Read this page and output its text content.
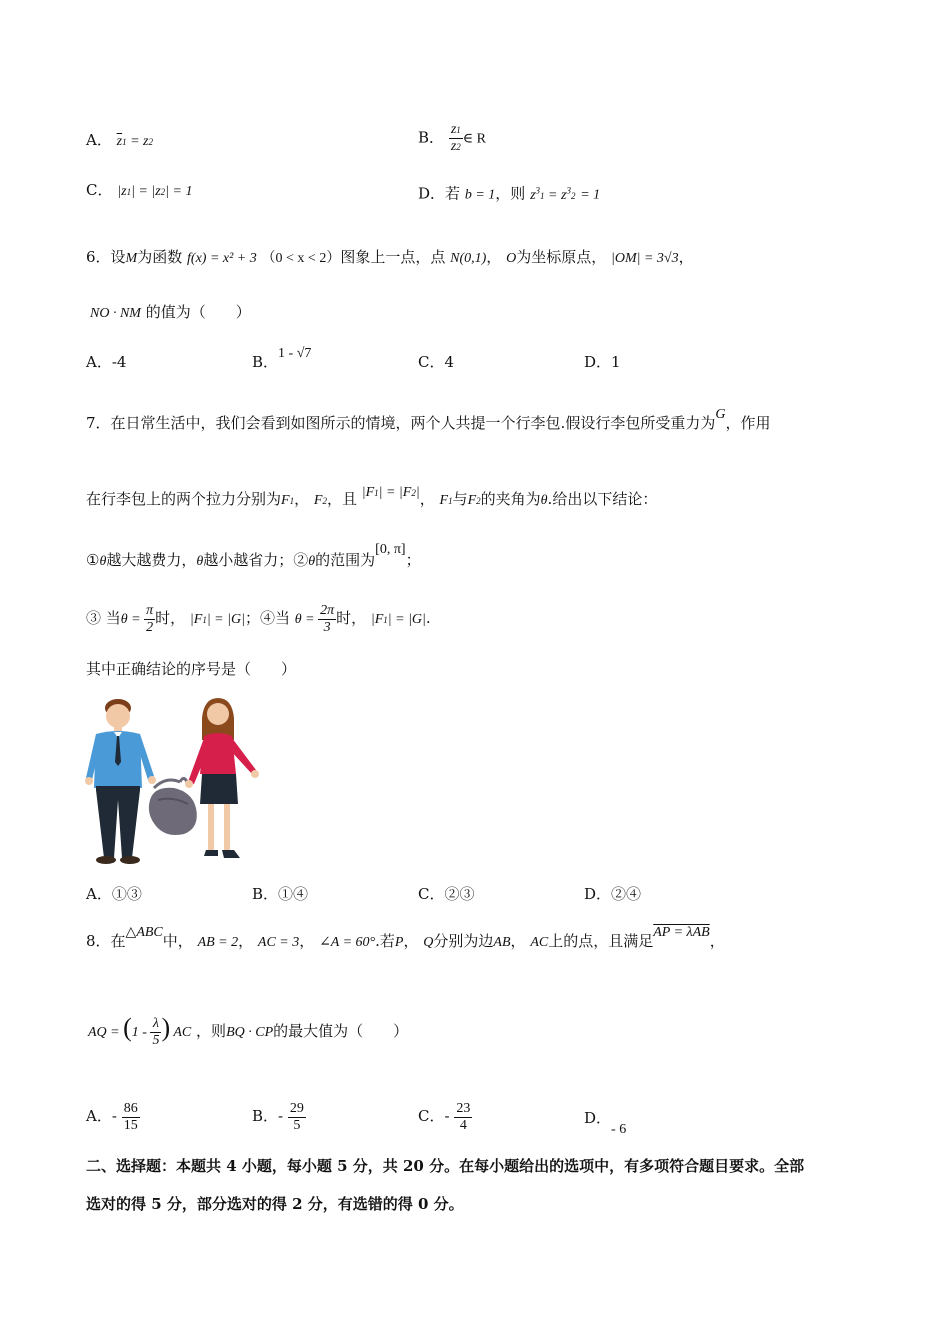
A． $\overline{z}1 = z2$	B． $\frac{z1}{z2}$ ∈ R
C． |z1| = |z2| = 1	D．若 b = 1，则 $z^31 = z^32 = 1$
6．设M为函数 f(x) = x² + 3 （0 < x < 2）图象上一点，点 N(0,1)， O为坐标原点， |OM| = 3√3，
NO · NM 的值为（　　）
A．-4	B．1 - √7	C．4	D．1
7．在日常生活中，我们会看到如图所示的情境，两个人共提一个行李包.假设行李包所受重力为G，作用
在行李包上的两个拉力分别为F1， F2，且 |F1| = |F2|， F1与F2的夹角为θ.给出以下结论：
①θ越大越费力，θ越小越省力；②θ的范围为[0, π]；
③ 当$\theta = \frac{\pi}{2}$ 时， |F1| = |G|；④当 $\theta = \frac{2\pi}{3}$ 时， |F1| = |G|.
其中正确结论的序号是（　　）
A．①③	B．①④	C．②③	D．②④
8．在△ABC中， AB = 2， AC = 3， ∠A = 60°.若P， Q分别为边AB， AC上的点，且满足AP = λAB，
AQ = ($1 - \frac{\lambda}{5}$ ) AC ，则BQ · CP的最大值为（　　）
A．- $\frac{86}{15}$	B．- $\frac{29}{5}$	C．- $\frac{23}{4}$	D．- 6
二、选择题：本题共 4 小题，每小题 5 分，共 20 分。在每小题给出的选项中，有多项符合题目要求。全部
选对的得 5 分，部分选对的得 2 分，有选错的得 0 分。
